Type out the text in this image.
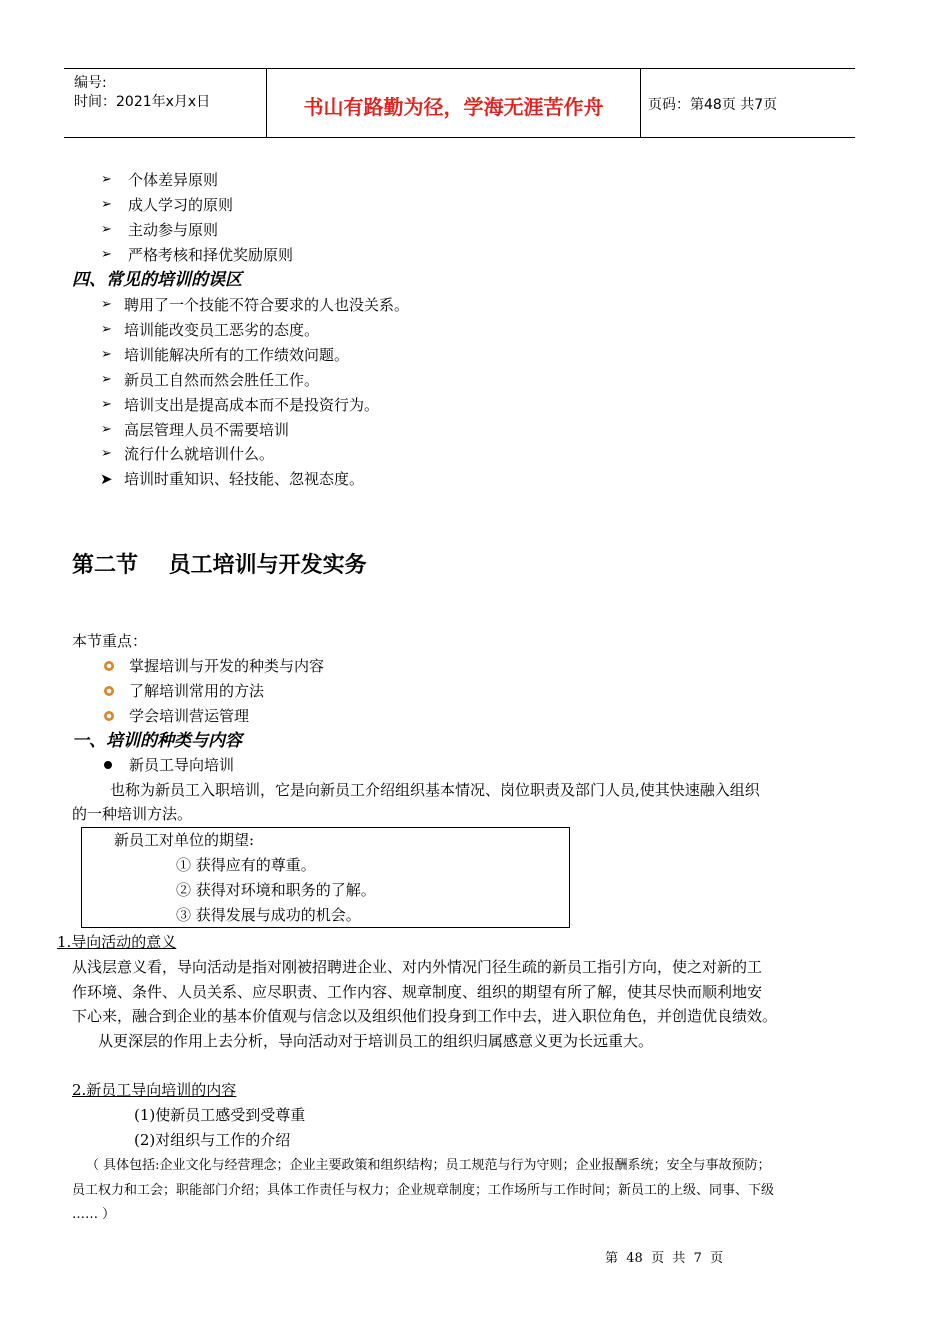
编号:
时间：2021年x月x日	书山有路勤为径，学海无涯苦作舟	页码：第48页 共7页
➢ 个体差异原则
➢ 成人学习的原则
➢ 主动参与原则
➢ 严格考核和择优奖励原则
四、常见的培训的误区
➢ 聘用了一个技能不符合要求的人也没关系。
➢ 培训能改变员工恶劣的态度。
➢ 培训能解决所有的工作绩效问题。
➢ 新员工自然而然会胜任工作。
➢ 培训支出是提高成本而不是投资行为。
➢ 高层管理人员不需要培训
➢ 流行什么就培训什么。
➤ 培训时重知识、轻技能、忽视态度。
第二节    员工培训与开发实务
本节重点：
掌握培训与开发的种类与内容
了解培训常用的方法
学会培训营运管理
一、培训的种类与内容
新员工导向培训
也称为新员工入职培训，它是向新员工介绍组织基本情况、岗位职责及部门人员,使其快速融入组织
的一种培训方法。
新员工对单位的期望:
① 获得应有的尊重。
② 获得对环境和职务的了解。
③ 获得发展与成功的机会。
1.导向活动的意义
从浅层意义看，导向活动是指对刚被招聘进企业、对内外情况门径生疏的新员工指引方向，使之对新的工
作环境、条件、人员关系、应尽职责、工作内容、规章制度、组织的期望有所了解，使其尽快而顺利地安
下心来，融合到企业的基本价值观与信念以及组织他们投身到工作中去，进入职位角色，并创造优良绩效。
从更深层的作用上去分析，导向活动对于培训员工的组织归属感意义更为长远重大。
2.新员工导向培训的内容
(1)使新员工感受到受尊重
(2)对组织与工作的介绍
（ 具体包括:企业文化与经营理念；企业主要政策和组织结构；员工规范与行为守则；企业报酬系统；安全与事故预防；
员工权力和工会；职能部门介绍；具体工作责任与权力；企业规章制度；工作场所与工作时间；新员工的上级、同事、下级
…… ）
第  48  页  共  7  页
